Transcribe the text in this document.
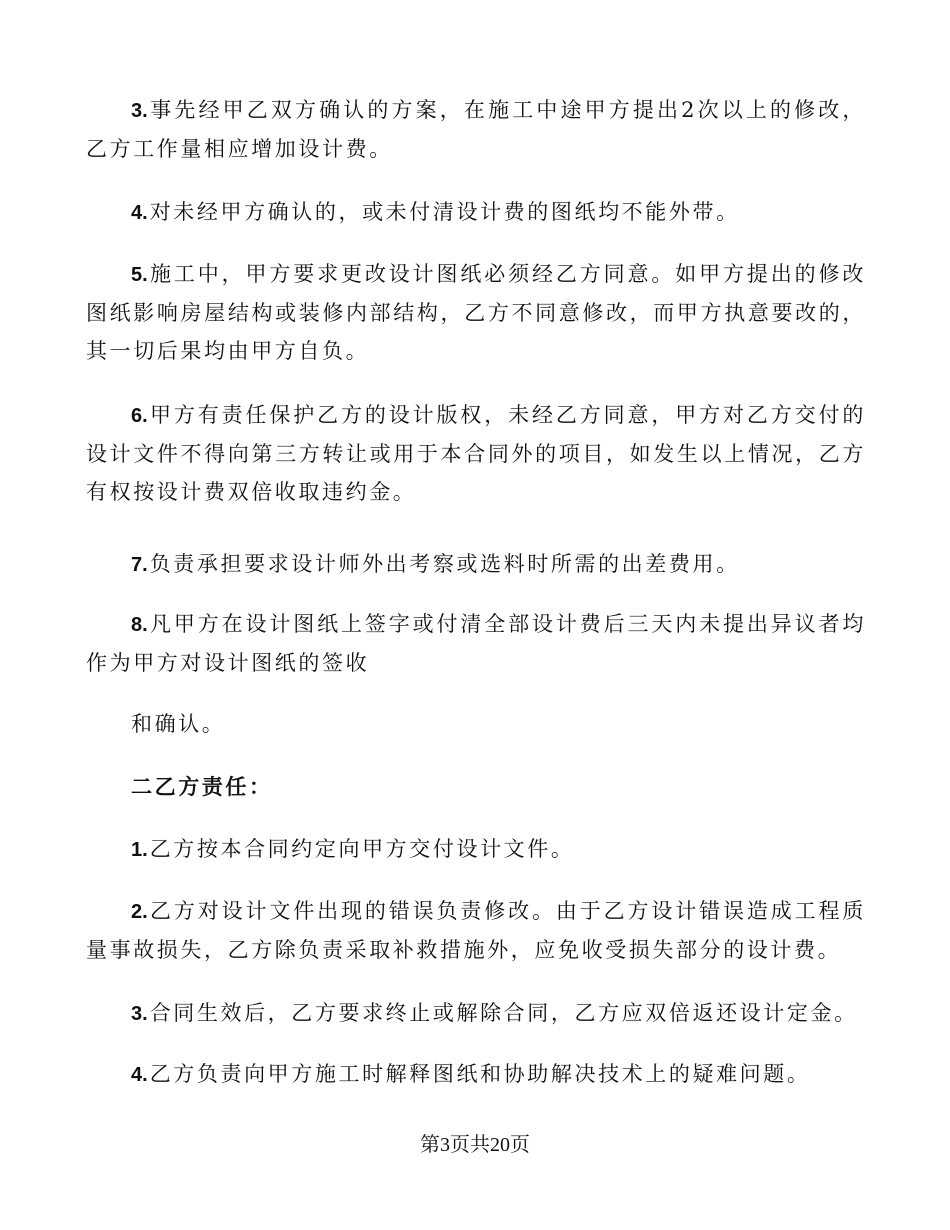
3.事先经甲乙双方确认的方案，在施工中途甲方提出2次以上的修改，乙方工作量相应增加设计费。

4.对未经甲方确认的，或未付清设计费的图纸均不能外带。

5.施工中，甲方要求更改设计图纸必须经乙方同意。如甲方提出的修改图纸影响房屋结构或装修内部结构，乙方不同意修改，而甲方执意要改的，其一切后果均由甲方自负。

6.甲方有责任保护乙方的设计版权，未经乙方同意，甲方对乙方交付的设计文件不得向第三方转让或用于本合同外的项目，如发生以上情况，乙方有权按设计费双倍收取违约金。

7.负责承担要求设计师外出考察或选料时所需的出差费用。

8.凡甲方在设计图纸上签字或付清全部设计费后三天内未提出异议者均作为甲方对设计图纸的签收

和确认。

二乙方责任：

1.乙方按本合同约定向甲方交付设计文件。

2.乙方对设计文件出现的错误负责修改。由于乙方设计错误造成工程质量事故损失，乙方除负责采取补救措施外，应免收受损失部分的设计费。

3.合同生效后，乙方要求终止或解除合同，乙方应双倍返还设计定金。

4.乙方负责向甲方施工时解释图纸和协助解决技术上的疑难问题。

第3页共20页
